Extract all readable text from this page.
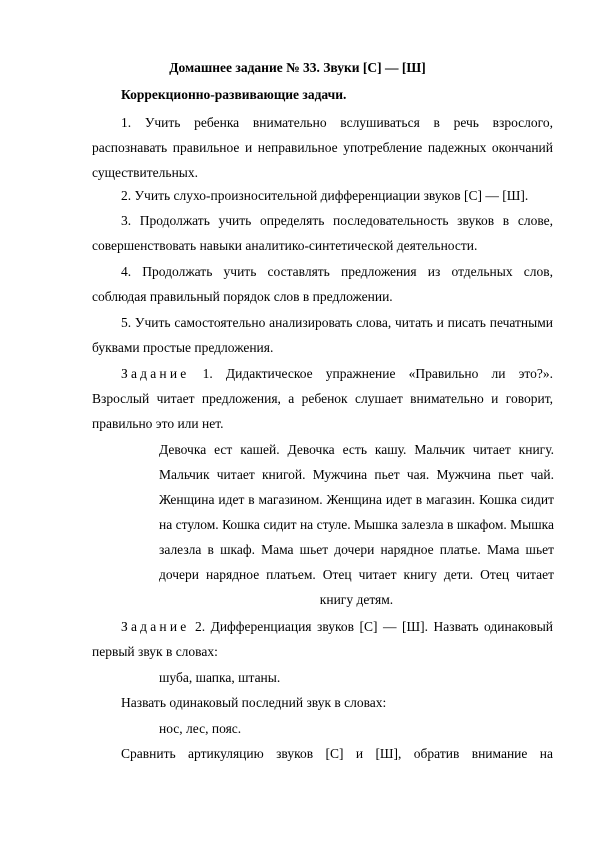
Домашнее задание № 33. Звуки [С] — [Ш]

Коррекционно-развивающие задачи.

1. Учить ребенка внимательно вслушиваться в речь взрослого, распознавать правильное и неправильное употребление падежных окончаний существительных.

2. Учить слухо-произносительной дифференциации звуков [С] — [Ш].

3. Продолжать учить определять последовательность звуков в слове, совершенствовать навыки аналитико-синтетической деятельности.

4. Продолжать учить составлять предложения из отдельных слов, соблюдая правильный порядок слов в предложении.

5. Учить самостоятельно анализировать слова, читать и писать печатными буквами простые предложения.

Задание 1. Дидактическое упражнение «Правильно ли это?». Взрослый читает предложения, а ребенок слушает внимательно и говорит, правильно это или нет.

Девочка ест кашей. Девочка есть кашу. Мальчик читает книгу. Мальчик читает книгой. Мужчина пьет чая. Мужчина пьет чай. Женщина идет в магазином. Женщина идет в магазин. Кошка сидит на стулом. Кошка сидит на стуле. Мышка залезла в шкафом. Мышка залезла в шкаф. Мама шьет дочери нарядное платье. Мама шьет дочери нарядное платьем. Отец читает книгу дети. Отец читает книгу детям.

Задание 2. Дифференциация звуков [С] — [Ш]. Назвать одинаковый первый звук в словах:

шуба, шапка, штаны.

Назвать одинаковый последний звук в словах:

нос, лес, пояс.

Сравнить артикуляцию звуков [С] и [Ш], обратив внимание на
